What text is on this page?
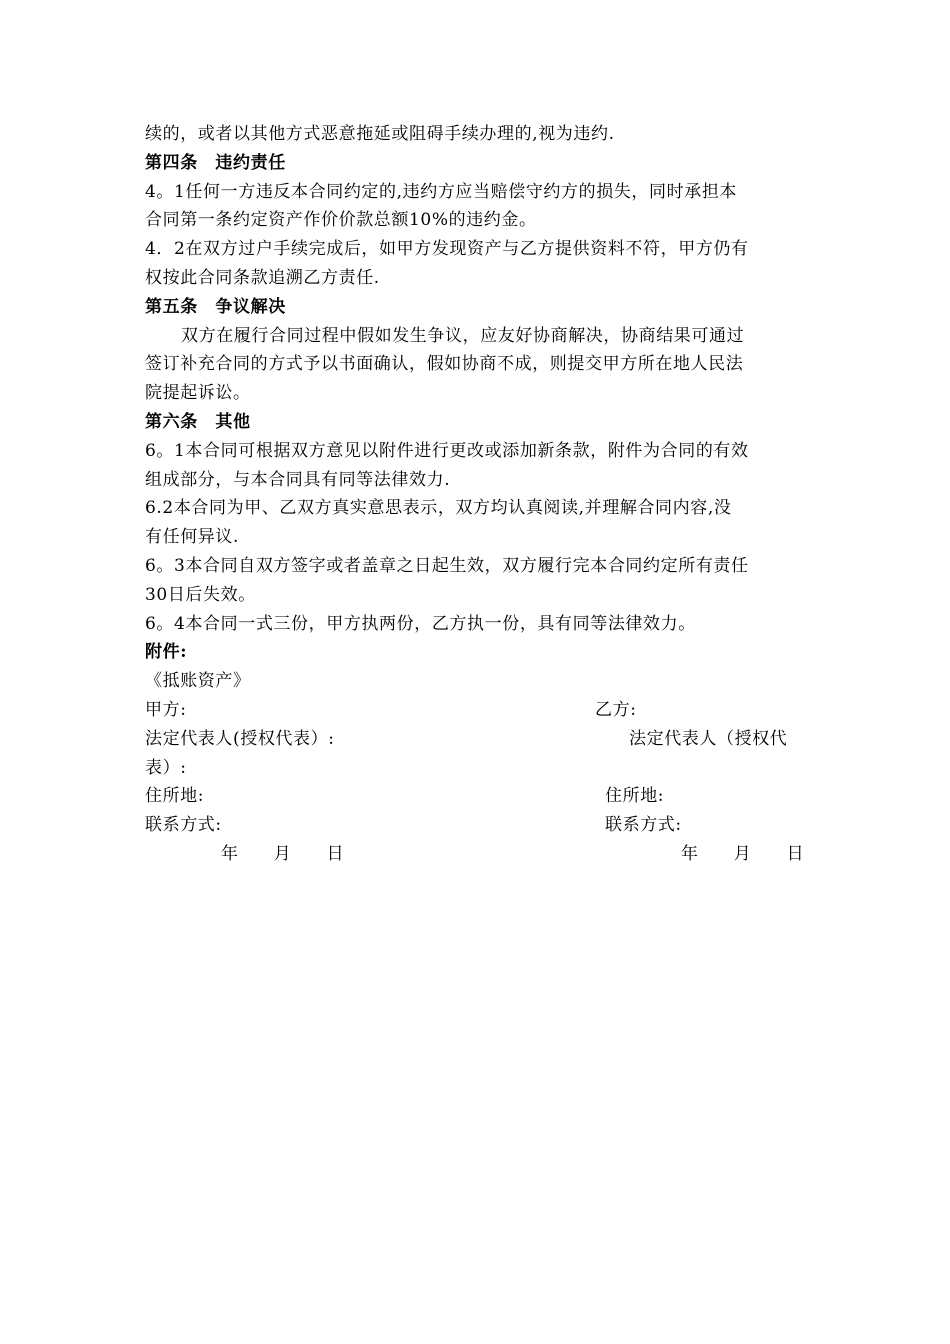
续的，或者以其他方式恶意拖延或阻碍手续办理的,视为违约.
第四条　违约责任
4。1任何一方违反本合同约定的,违约方应当赔偿守约方的损失，同时承担本
合同第一条约定资产作价价款总额10%的违约金。
4．2在双方过户手续完成后，如甲方发现资产与乙方提供资料不符，甲方仍有
权按此合同条款追溯乙方责任.
第五条　争议解决
双方在履行合同过程中假如发生争议，应友好协商解决，协商结果可通过
签订补充合同的方式予以书面确认，假如协商不成，则提交甲方所在地人民法
院提起诉讼。
第六条　其他
6。1本合同可根据双方意见以附件进行更改或添加新条款，附件为合同的有效
组成部分，与本合同具有同等法律效力.
6.2本合同为甲、乙双方真实意思表示，双方均认真阅读,并理解合同内容,没
有任何异议.
6。3本合同自双方签字或者盖章之日起生效，双方履行完本合同约定所有责任
30日后失效。
6。4本合同一式三份，甲方执两份，乙方执一份，具有同等法律效力。
附件:
《抵账资产》
甲方:	乙方:
法定代表人(授权代表）:	法定代表人（授权代
表）:
住所地:	住所地:
联系方式:	联系方式:
年　　月　　日	年　　月　　日
